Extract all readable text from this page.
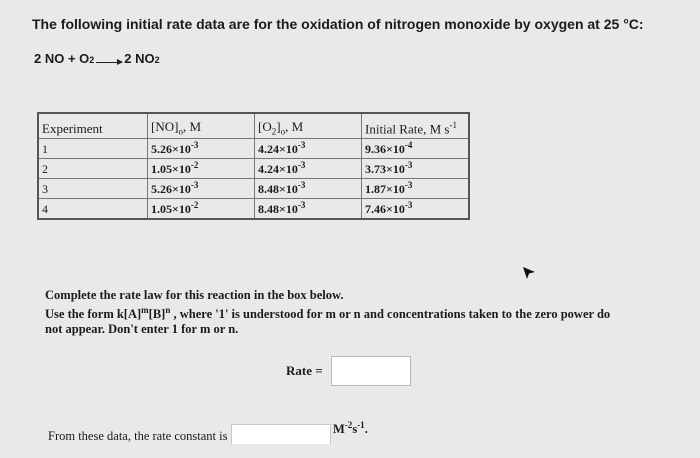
The following initial rate data are for the oxidation of nitrogen monoxide by oxygen at 25 °C:
2 NO + O 2 → 2 NO 2
Experiment	$[NO]_o$, M	$[O_2]_o$, M	Initial Rate, M $s^{-1}$
1	$5.26\times 10^{-3}$	$4.24\times 10^{-3}$	$9.36\times 10^{-4}$
2	$1.05\times 10^{-2}$	$4.24\times 10^{-3}$	$3.73\times 10^{-3}$
3	$5.26\times 10^{-3}$	$8.48\times 10^{-3}$	$1.87\times 10^{-3}$
4	$1.05\times 10^{-2}$	$8.48\times 10^{-3}$	$7.46\times 10^{-3}$
Complete the rate law for this reaction in the box below.
Use the form $k[A]^m[B]^n$ , where '1' is understood for m or n and concentrations taken to the zero power do
not appear. Don't enter 1 for m or n.
Rate =
From these data, the rate constant is	$M^{-2}s^{-1}$.
